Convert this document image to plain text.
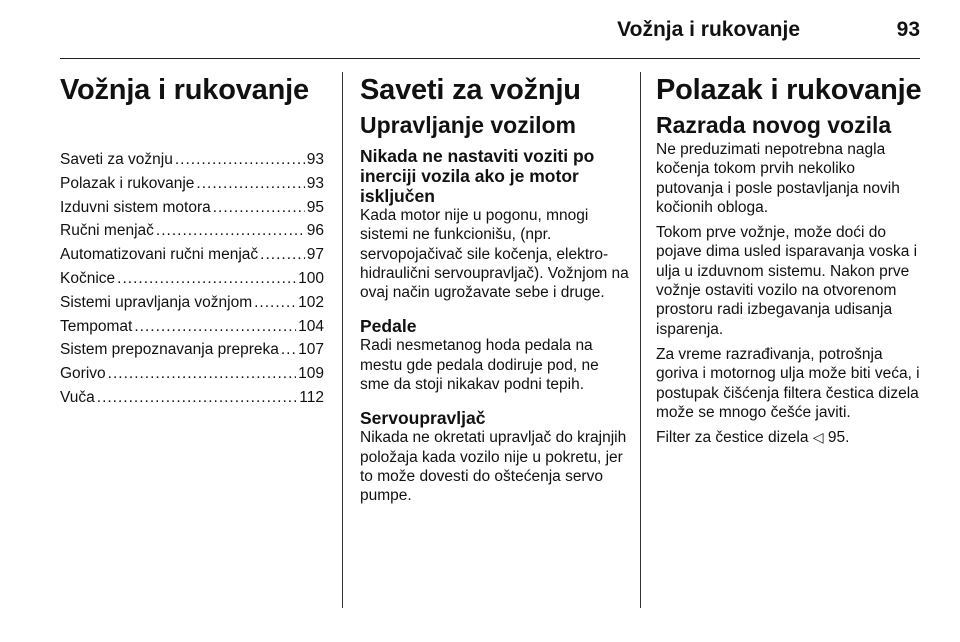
Vožnja i rukovanje	93
Vožnja i rukovanje
Saveti za vožnju .....	93
Polazak i rukovanje .....	93
Izduvni sistem motora .....	95
Ručni menjač .....	96
Automatizovani ručni menjač .....	97
Kočnice .....	100
Sistemi upravljanja vožnjom .....	102
Tempomat .....	104
Sistem prepoznavanja prepreka ..... 107
Gorivo .....	109
Vuča .....	112
Saveti za vožnju
Upravljanje vozilom
Nikada ne nastaviti voziti po inerciji vozila ako je motor isključen

Kada motor nije u pogonu, mnogi sistemi ne funkcionišu, (npr. servopojačivač sile kočenja, elektro-hidraulični servoupravljač). Vožnjom na ovaj način ugrožavate sebe i druge.

Pedale

Radi nesmetanog hoda pedala na mestu gde pedala dodiruje pod, ne sme da stoji nikakav podni tepih.

Servoupravljač

Nikada ne okretati upravljač do krajnjih položaja kada vozilo nije u pokretu, jer to može dovesti do oštećenja servo pumpe.

Polazak i rukovanje
Razrada novog vozila

Ne preduzimati nepotrebna nagla kočenja tokom prvih nekoliko putovanja i posle postavljanja novih kočionih obloga.

Tokom prve vožnje, može doći do pojave dima usled isparavanja voska i ulja u izduvnom sistemu. Nakon prve vožnje ostaviti vozilo na otvorenom prostoru radi izbegavanja udisanja isparenja.

Za vreme razrađivanja, potrošnja goriva i motornog ulja može biti veća, i postupak čišćenja filtera čestica dizela može se mnogo češće javiti.

Filter za čestice dizela ◁ 95.
